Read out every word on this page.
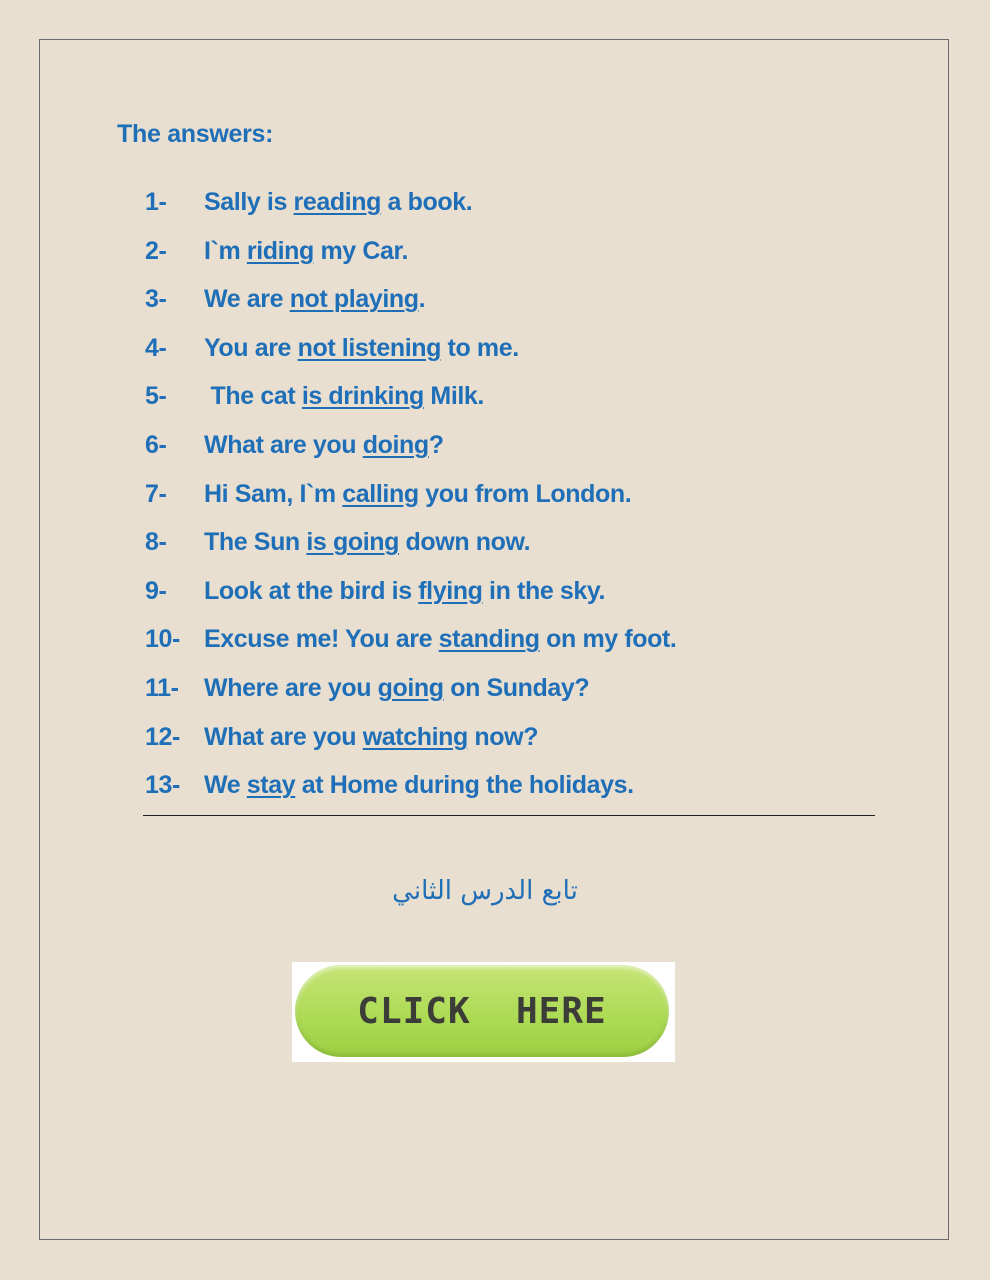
The answers:
1- Sally is reading a book.
2- I`m riding my Car.
3- We are not playing.
4- You are not listening to me.
5- The cat is drinking Milk.
6- What are you doing?
7- Hi Sam, I`m calling you from London.
8- The Sun is going down now.
9- Look at the bird is flying in the sky.
10- Excuse me! You are standing on my foot.
11- Where are you going on Sunday?
12- What are you watching now?
13- We stay at Home during the holidays.
تابع الدرس الثاني
CLICK  HERE
